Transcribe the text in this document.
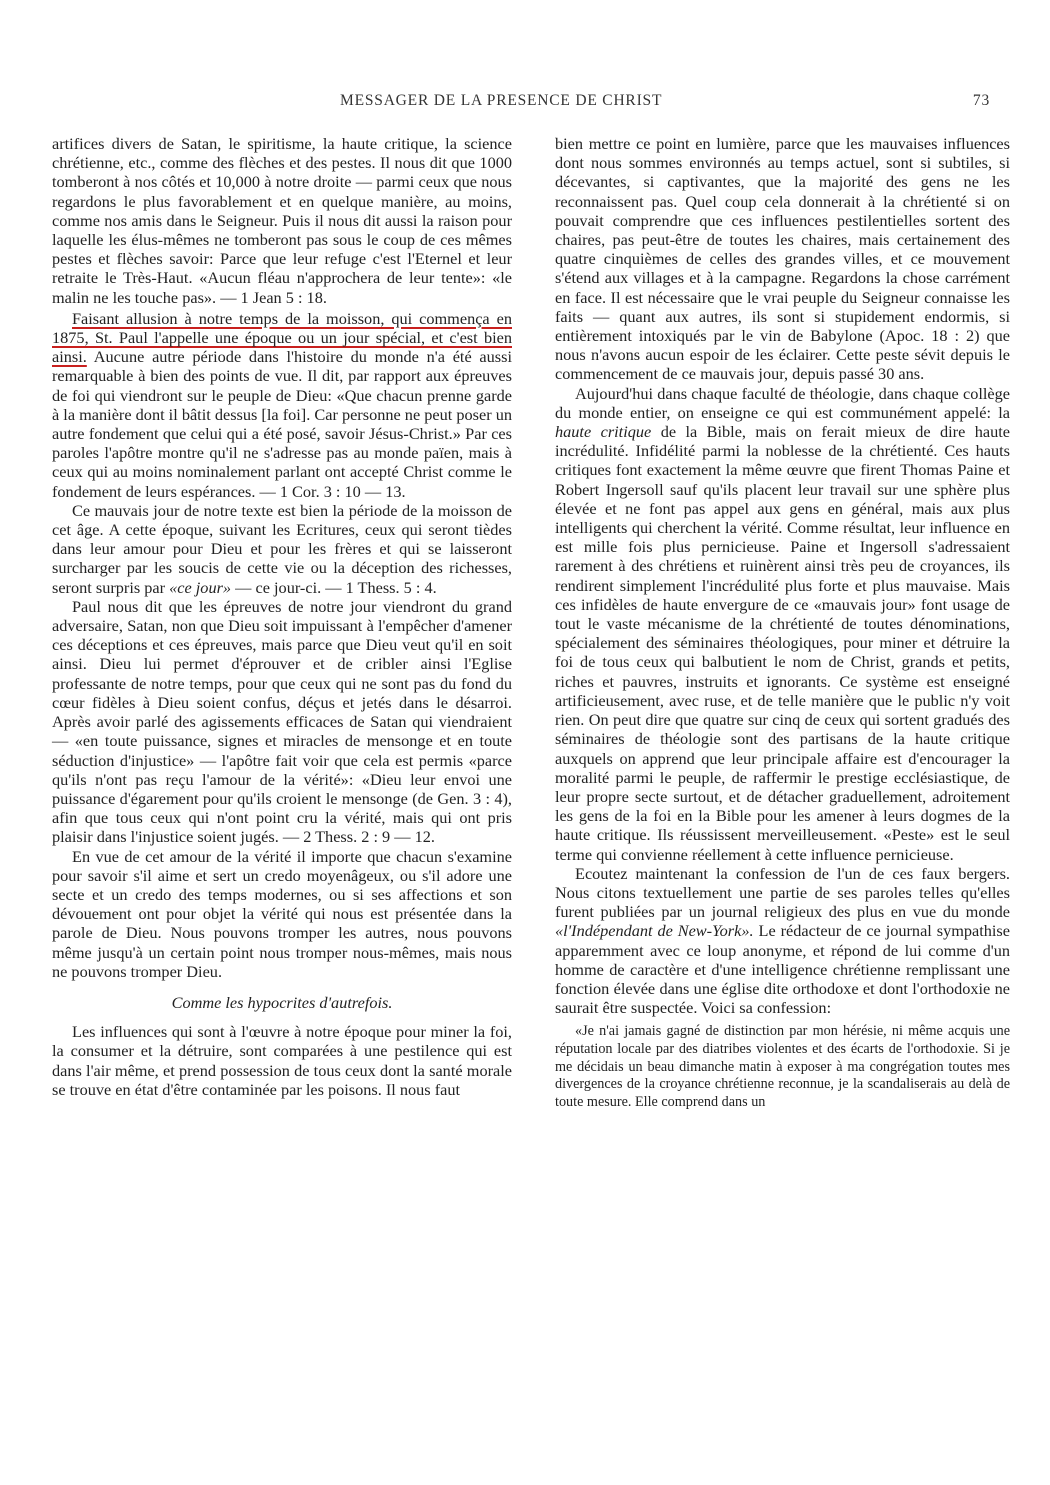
MESSAGER DE LA PRESENCE DE CHRIST	73

artifices divers de Satan, le spiritisme, la haute critique, la science chrétienne, etc., comme des flèches et des pestes. Il nous dit que 1000 tomberont à nos côtés et 10,000 à notre droite — parmi ceux que nous regardons le plus favorablement et en quelque manière, au moins, comme nos amis dans le Seigneur. Puis il nous dit aussi la raison pour laquelle les élus-mêmes ne tomberont pas sous le coup de ces mêmes pestes et flèches savoir: Parce que leur refuge c'est l'Eternel et leur retraite le Très-Haut. «Aucun fléau n'approchera de leur tente»: «le malin ne les touche pas». — 1 Jean 5 : 18.

Faisant allusion à notre temps de la moisson, qui commença en 1875, St. Paul l'appelle une époque ou un jour spécial, et c'est bien ainsi. Aucune autre période dans l'histoire du monde n'a été aussi remarquable à bien des points de vue. Il dit, par rapport aux épreuves de foi qui viendront sur le peuple de Dieu: «Que chacun prenne garde à la manière dont il bâtit dessus [la foi]. Car personne ne peut poser un autre fondement que celui qui a été posé, savoir Jésus-Christ.» Par ces paroles l'apôtre montre qu'il ne s'adresse pas au monde païen, mais à ceux qui au moins nominalement parlant ont accepté Christ comme le fondement de leurs espérances. — 1 Cor. 3 : 10 — 13.

Ce mauvais jour de notre texte est bien la période de la moisson de cet âge. A cette époque, suivant les Ecritures, ceux qui seront tièdes dans leur amour pour Dieu et pour les frères et qui se laisseront surcharger par les soucis de cette vie ou la déception des richesses, seront surpris par «ce jour» — ce jour-ci. — 1 Thess. 5 : 4.

Paul nous dit que les épreuves de notre jour viendront du grand adversaire, Satan, non que Dieu soit impuissant à l'empêcher d'amener ces déceptions et ces épreuves, mais parce que Dieu veut qu'il en soit ainsi. Dieu lui permet d'éprouver et de cribler ainsi l'Eglise professante de notre temps, pour que ceux qui ne sont pas du fond du cœur fidèles à Dieu soient confus, déçus et jetés dans le désarroi. Après avoir parlé des agissements efficaces de Satan qui viendraient — «en toute puissance, signes et miracles de mensonge et en toute séduction d'injustice» — l'apôtre fait voir que cela est permis «parce qu'ils n'ont pas reçu l'amour de la vérité»: «Dieu leur envoi une puissance d'égarement pour qu'ils croient le mensonge (de Gen. 3 : 4), afin que tous ceux qui n'ont point cru la vérité, mais qui ont pris plaisir dans l'injustice soient jugés. — 2 Thess. 2 : 9 — 12.

En vue de cet amour de la vérité il importe que chacun s'examine pour savoir s'il aime et sert un credo moyenâgeux, ou s'il adore une secte et un credo des temps modernes, ou si ses affections et son dévouement ont pour objet la vérité qui nous est présentée dans la parole de Dieu. Nous pouvons tromper les autres, nous pouvons même jusqu'à un certain point nous tromper nous-mêmes, mais nous ne pouvons tromper Dieu.

Comme les hypocrites d'autrefois.

Les influences qui sont à l'œuvre à notre époque pour miner la foi, la consumer et la détruire, sont comparées à une pestilence qui est dans l'air même, et prend possession de tous ceux dont la santé morale se trouve en état d'être contaminée par les poisons. Il nous faut

bien mettre ce point en lumière, parce que les mauvaises influences dont nous sommes environnés au temps actuel, sont si subtiles, si décevantes, si captivantes, que la majorité des gens ne les reconnaissent pas. Quel coup cela donnerait à la chrétienté si on pouvait comprendre que ces influences pestilentielles sortent des chaires, pas peut-être de toutes les chaires, mais certainement des quatre cinquièmes de celles des grandes villes, et ce mouvement s'étend aux villages et à la campagne. Regardons la chose carrément en face. Il est nécessaire que le vrai peuple du Seigneur connaisse les faits — quant aux autres, ils sont si stupidement endormis, si entièrement intoxiqués par le vin de Babylone (Apoc. 18 : 2) que nous n'avons aucun espoir de les éclairer. Cette peste sévit depuis le commencement de ce mauvais jour, depuis passé 30 ans.

Aujourd'hui dans chaque faculté de théologie, dans chaque collège du monde entier, on enseigne ce qui est communément appelé: la haute critique de la Bible, mais on ferait mieux de dire haute incrédulité. Infidélité parmi la noblesse de la chrétienté. Ces hauts critiques font exactement la même œuvre que firent Thomas Paine et Robert Ingersoll sauf qu'ils placent leur travail sur une sphère plus élevée et ne font pas appel aux gens en général, mais aux plus intelligents qui cherchent la vérité. Comme résultat, leur influence en est mille fois plus pernicieuse. Paine et Ingersoll s'adressaient rarement à des chrétiens et ruinèrent ainsi très peu de croyances, ils rendirent simplement l'incrédulité plus forte et plus mauvaise. Mais ces infidèles de haute envergure de ce «mauvais jour» font usage de tout le vaste mécanisme de la chrétienté de toutes dénominations, spécialement des séminaires théologiques, pour miner et détruire la foi de tous ceux qui balbutient le nom de Christ, grands et petits, riches et pauvres, instruits et ignorants. Ce système est enseigné artificieusement, avec ruse, et de telle manière que le public n'y voit rien. On peut dire que quatre sur cinq de ceux qui sortent gradués des séminaires de théologie sont des partisans de la haute critique auxquels on apprend que leur principale affaire est d'encourager la moralité parmi le peuple, de raffermir le prestige ecclésiastique, de leur propre secte surtout, et de détacher graduellement, adroitement les gens de la foi en la Bible pour les amener à leurs dogmes de la haute critique. Ils réussissent merveilleusement. «Peste» est le seul terme qui convienne réellement à cette influence pernicieuse.

Ecoutez maintenant la confession de l'un de ces faux bergers. Nous citons textuellement une partie de ses paroles telles qu'elles furent publiées par un journal religieux des plus en vue du monde «l'Indépendant de New-York». Le rédacteur de ce journal sympathise apparemment avec ce loup anonyme, et répond de lui comme d'un homme de caractère et d'une intelligence chrétienne remplissant une fonction élevée dans une église dite orthodoxe et dont l'orthodoxie ne saurait être suspectée. Voici sa confession:

«Je n'ai jamais gagné de distinction par mon hérésie, ni même acquis une réputation locale par des diatribes violentes et des écarts de l'orthodoxie. Si je me décidais un beau dimanche matin à exposer à ma congrégation toutes mes divergences de la croyance chrétienne reconnue, je la scandaliserais au delà de toute mesure. Elle comprend dans un
